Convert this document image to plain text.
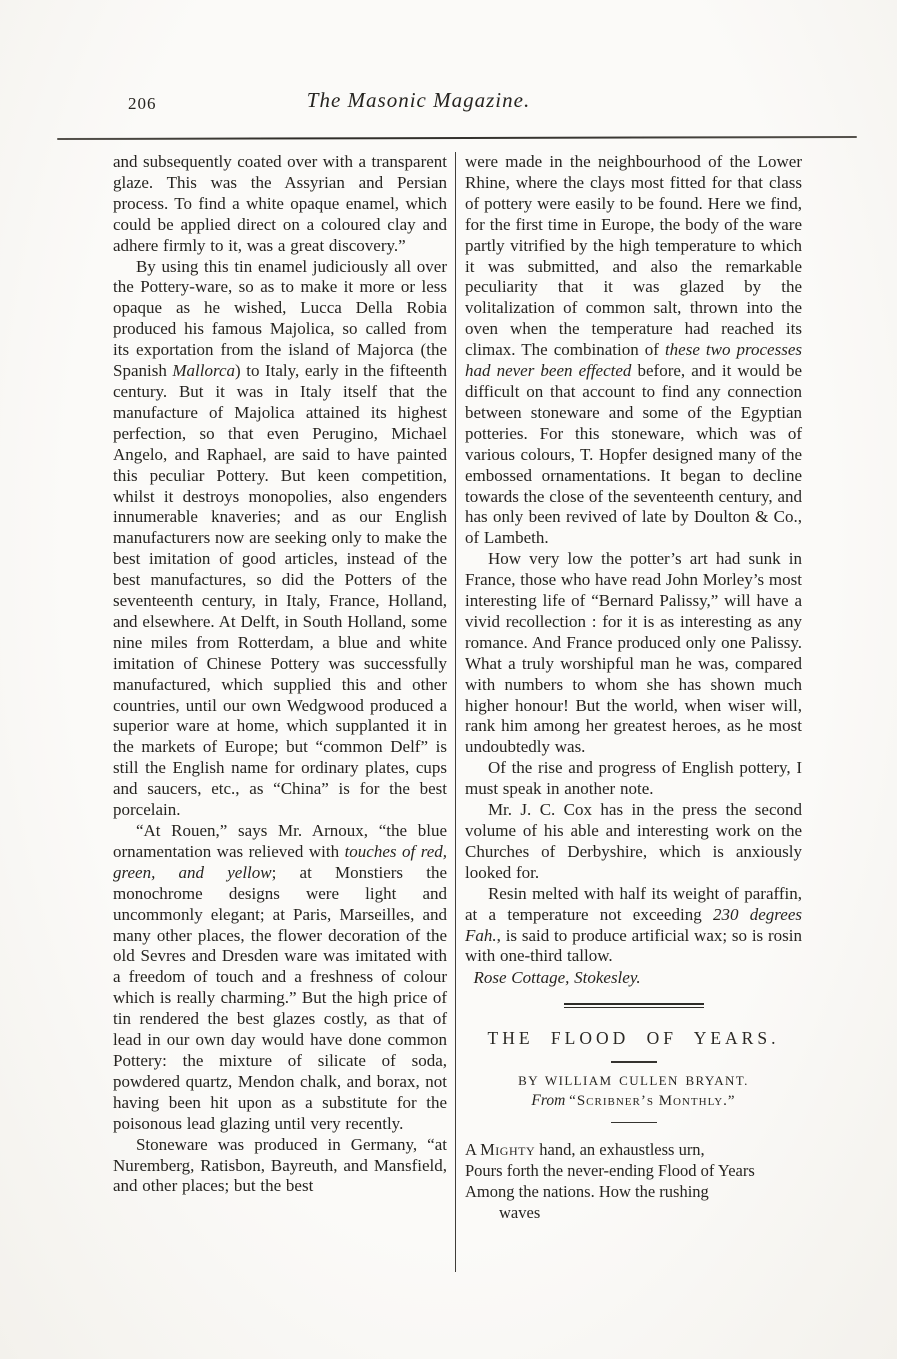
206	The Masonic Magazine.

and subsequently coated over with a transparent glaze. This was the Assyrian and Persian process. To find a white opaque enamel, which could be applied direct on a coloured clay and adhere firmly to it, was a great discovery.”

By using this tin enamel judiciously all over the Pottery-ware, so as to make it more or less opaque as he wished, Lucca Della Robia produced his famous Majolica, so called from its exportation from the island of Majorca (the Spanish Mallorca) to Italy, early in the fifteenth century. But it was in Italy itself that the manufacture of Majolica attained its highest perfection, so that even Perugino, Michael Angelo, and Raphael, are said to have painted this peculiar Pottery. But keen competition, whilst it destroys monopolies, also engenders innumerable knaveries; and as our English manufacturers now are seeking only to make the best imitation of good articles, instead of the best manufactures, so did the Potters of the seventeenth century, in Italy, France, Holland, and elsewhere. At Delft, in South Holland, some nine miles from Rotterdam, a blue and white imitation of Chinese Pottery was successfully manufactured, which supplied this and other countries, until our own Wedgwood produced a superior ware at home, which supplanted it in the markets of Europe; but “common Delf” is still the English name for ordinary plates, cups and saucers, etc., as “China” is for the best porcelain.

“At Rouen,” says Mr. Arnoux, “the blue ornamentation was relieved with touches of red, green, and yellow; at Monstiers the monochrome designs were light and uncommonly elegant; at Paris, Marseilles, and many other places, the flower decoration of the old Sevres and Dresden ware was imitated with a freedom of touch and a freshness of colour which is really charming.” But the high price of tin rendered the best glazes costly, as that of lead in our own day would have done common Pottery: the mixture of silicate of soda, powdered quartz, Mendon chalk, and borax, not having been hit upon as a substitute for the poisonous lead glazing until very recently.

Stoneware was produced in Germany, “at Nuremberg, Ratisbon, Bayreuth, and Mansfield, and other places; but the best

were made in the neighbourhood of the Lower Rhine, where the clays most fitted for that class of pottery were easily to be found. Here we find, for the first time in Europe, the body of the ware partly vitrified by the high temperature to which it was submitted, and also the remarkable peculiarity that it was glazed by the volitalization of common salt, thrown into the oven when the temperature had reached its climax. The combination of these two processes had never been effected before, and it would be difficult on that account to find any connection between stoneware and some of the Egyptian potteries. For this stoneware, which was of various colours, T. Hopfer designed many of the embossed ornamentations. It began to decline towards the close of the seventeenth century, and has only been revived of late by Doulton & Co., of Lambeth.

How very low the potter’s art had sunk in France, those who have read John Morley’s most interesting life of “Bernard Palissy,” will have a vivid recollection : for it is as interesting as any romance. And France produced only one Palissy. What a truly worshipful man he was, compared with numbers to whom she has shown much higher honour! But the world, when wiser will, rank him among her greatest heroes, as he most undoubtedly was.

Of the rise and progress of English pottery, I must speak in another note.

Mr. J. C. Cox has in the press the second volume of his able and interesting work on the Churches of Derbyshire, which is anxiously looked for.

Resin melted with half its weight of paraffin, at a temperature not exceeding 230 degrees Fah., is said to produce artificial wax; so is rosin with one-third tallow.

Rose Cottage, Stokesley.

THE FLOOD OF YEARS.
BY WILLIAM CULLEN BRYANT.
From “Scribner’s Monthly.”

A Mighty hand, an exhaustless urn,

Pours forth the never-ending Flood of Years

Among the nations. How the rushing

waves
